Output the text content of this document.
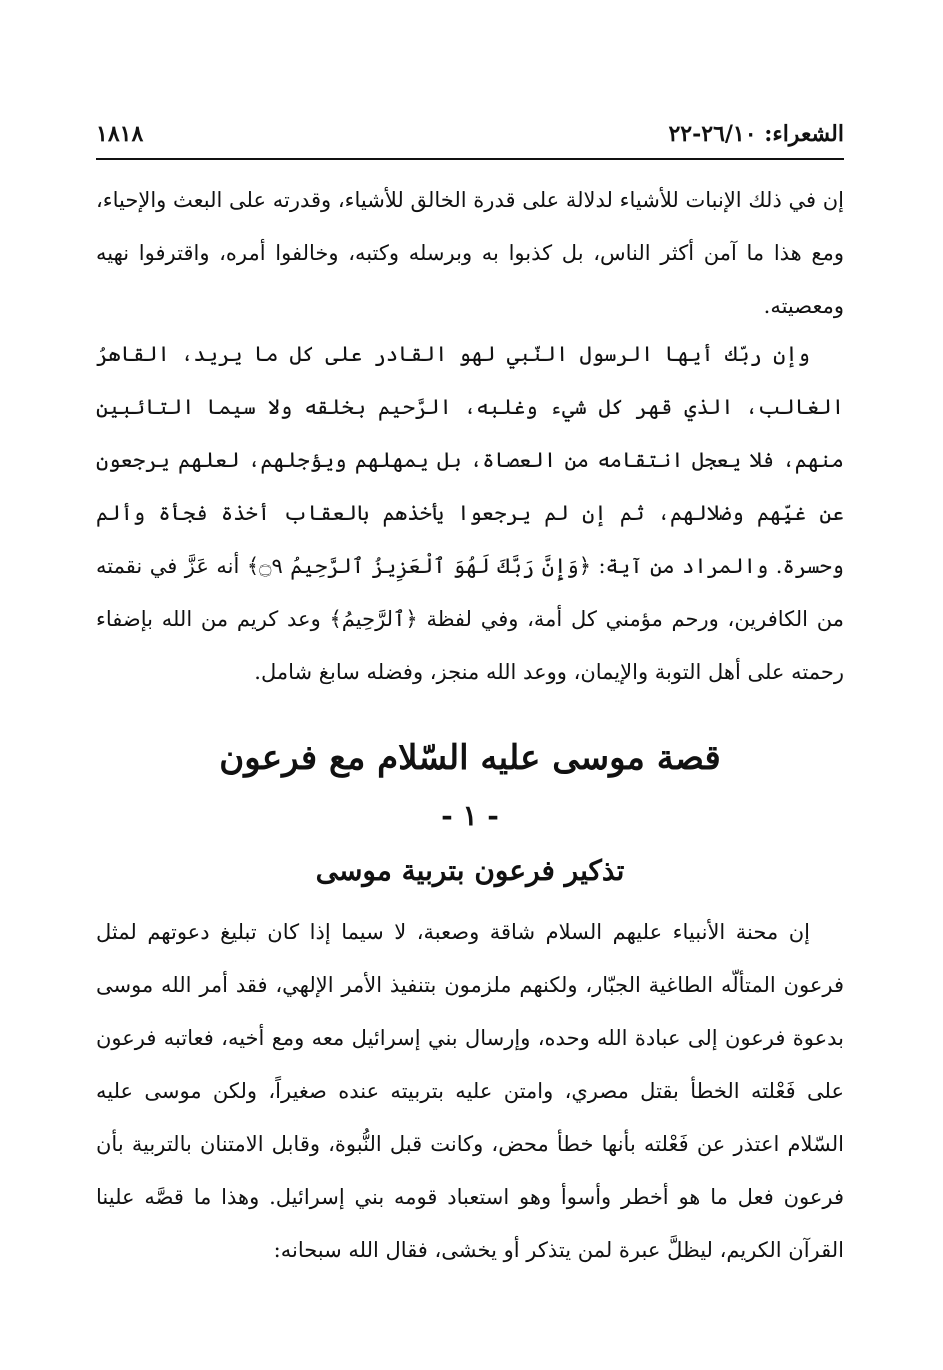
الشعراء: ٢٦/١٠-٢٢
١٨١٨

إن في ذلك الإنبات للأشياء لدلالة على قدرة الخالق للأشياء، وقدرته على البعث والإحياء، ومع هذا ما آمن أكثر الناس، بل كذبوا به وبرسله وكتبه، وخالفوا أمره، واقترفوا نهيه ومعصيته.

وإن ربّك أيها الرسول النّبي لهو القادر على كل ما يريد، القاهرُ الغالب، الذي قهر كل شيء وغلبه، الرَّحيم بخلقه ولا سيما التائبين منهم، فلا يعجل انتقامه من العصاة، بل يمهلهم ويؤجلهم، لعلهم يرجعون عن غيِّهم وضلالهم، ثم إن لم يرجعوا يأخذهم بالعقاب أخذة فجأة وألم وحسرة. والمراد من آية: ﴿وَإِنَّ رَبَّكَ لَهُوَ ٱلْعَزِيزُ ٱلرَّحِيمُ ۝٩﴾ أنه عَزَّ في نقمته من الكافرين، ورحم مؤمني كل أمة، وفي لفظة ﴿ٱلرَّحِيمُ﴾ وعد كريم من الله بإضفاء رحمته على أهل التوبة والإيمان، ووعد الله منجز، وفضله سابغ شامل.

قصة موسى عليه السّلام مع فرعون
- ١ -
تذكير فرعون بتربية موسى

إن محنة الأنبياء عليهم السلام شاقة وصعبة، لا سيما إذا كان تبليغ دعوتهم لمثل فرعون المتألّه الطاغية الجبّار، ولكنهم ملزمون بتنفيذ الأمر الإلهي، فقد أمر الله موسى بدعوة فرعون إلى عبادة الله وحده، وإرسال بني إسرائيل معه ومع أخيه، فعاتبه فرعون على فَعْلته الخطأ بقتل مصري، وامتن عليه بتربيته عنده صغيراً، ولكن موسى عليه السّلام اعتذر عن فَعْلته بأنها خطأ محض، وكانت قبل النُّبوة، وقابل الامتنان بالتربية بأن فرعون فعل ما هو أخطر وأسوأ وهو استعباد قومه بني إسرائيل. وهذا ما قصَّه علينا القرآن الكريم، ليظلَّ عبرة لمن يتذكر أو يخشى، فقال الله سبحانه:
